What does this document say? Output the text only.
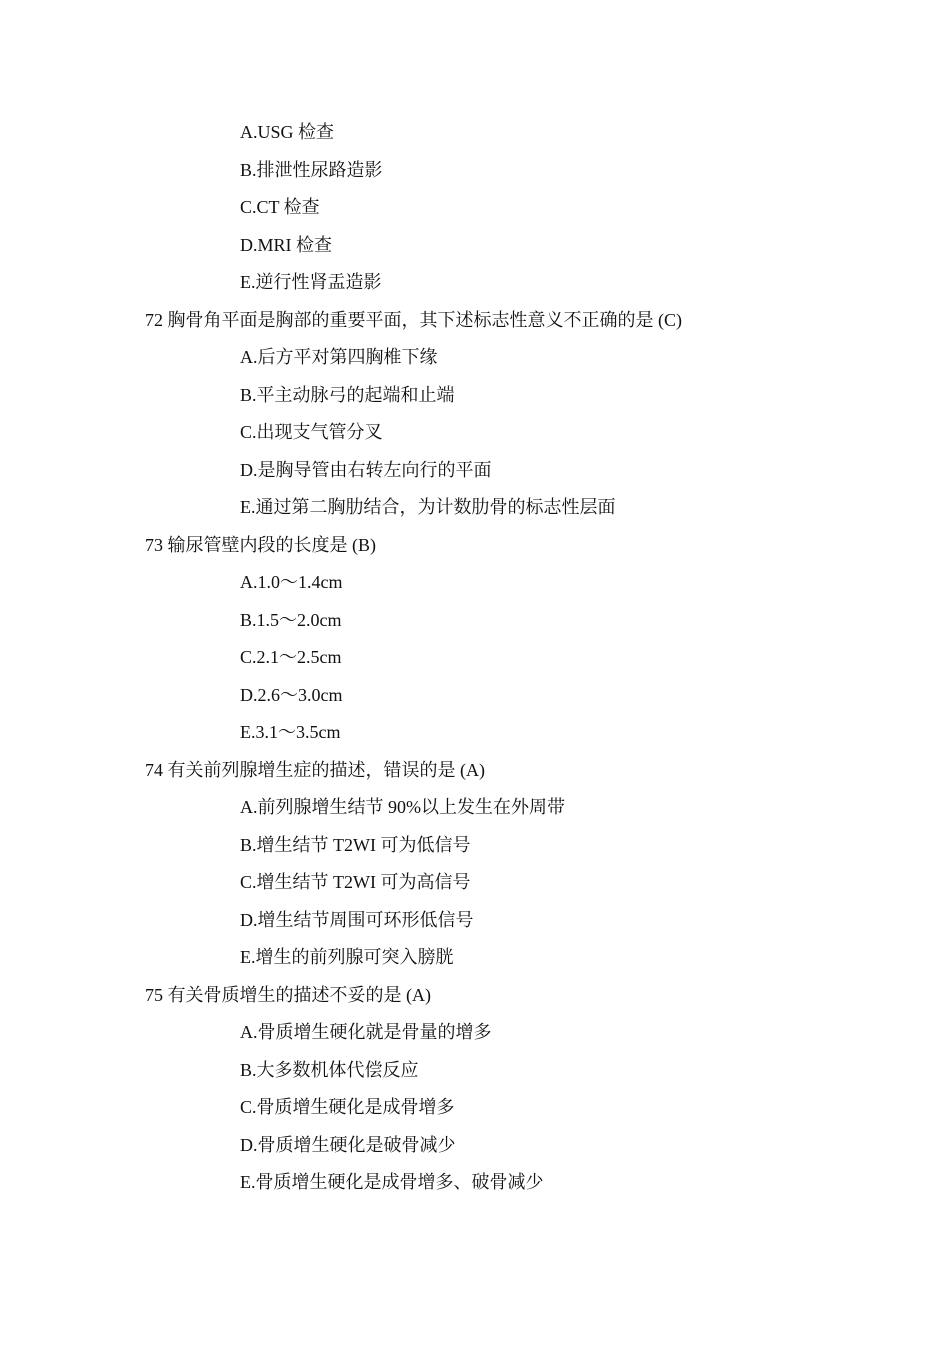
A.USG 检查
B.排泄性尿路造影
C.CT 检查
D.MRI 检查
E.逆行性肾盂造影
72 胸骨角平面是胸部的重要平面，其下述标志性意义不正确的是 (C)
A.后方平对第四胸椎下缘
B.平主动脉弓的起端和止端
C.出现支气管分叉
D.是胸导管由右转左向行的平面
E.通过第二胸肋结合，为计数肋骨的标志性层面
73 输尿管壁内段的长度是 (B)
A.1.0～1.4cm
B.1.5～2.0cm
C.2.1～2.5cm
D.2.6～3.0cm
E.3.1～3.5cm
74 有关前列腺增生症的描述，错误的是 (A)
A.前列腺增生结节 90%以上发生在外周带
B.增生结节 T2WI 可为低信号
C.增生结节 T2WI 可为高信号
D.增生结节周围可环形低信号
E.增生的前列腺可突入膀胱
75 有关骨质增生的描述不妥的是 (A)
A.骨质增生硬化就是骨量的增多
B.大多数机体代偿反应
C.骨质增生硬化是成骨增多
D.骨质增生硬化是破骨减少
E.骨质增生硬化是成骨增多、破骨减少
